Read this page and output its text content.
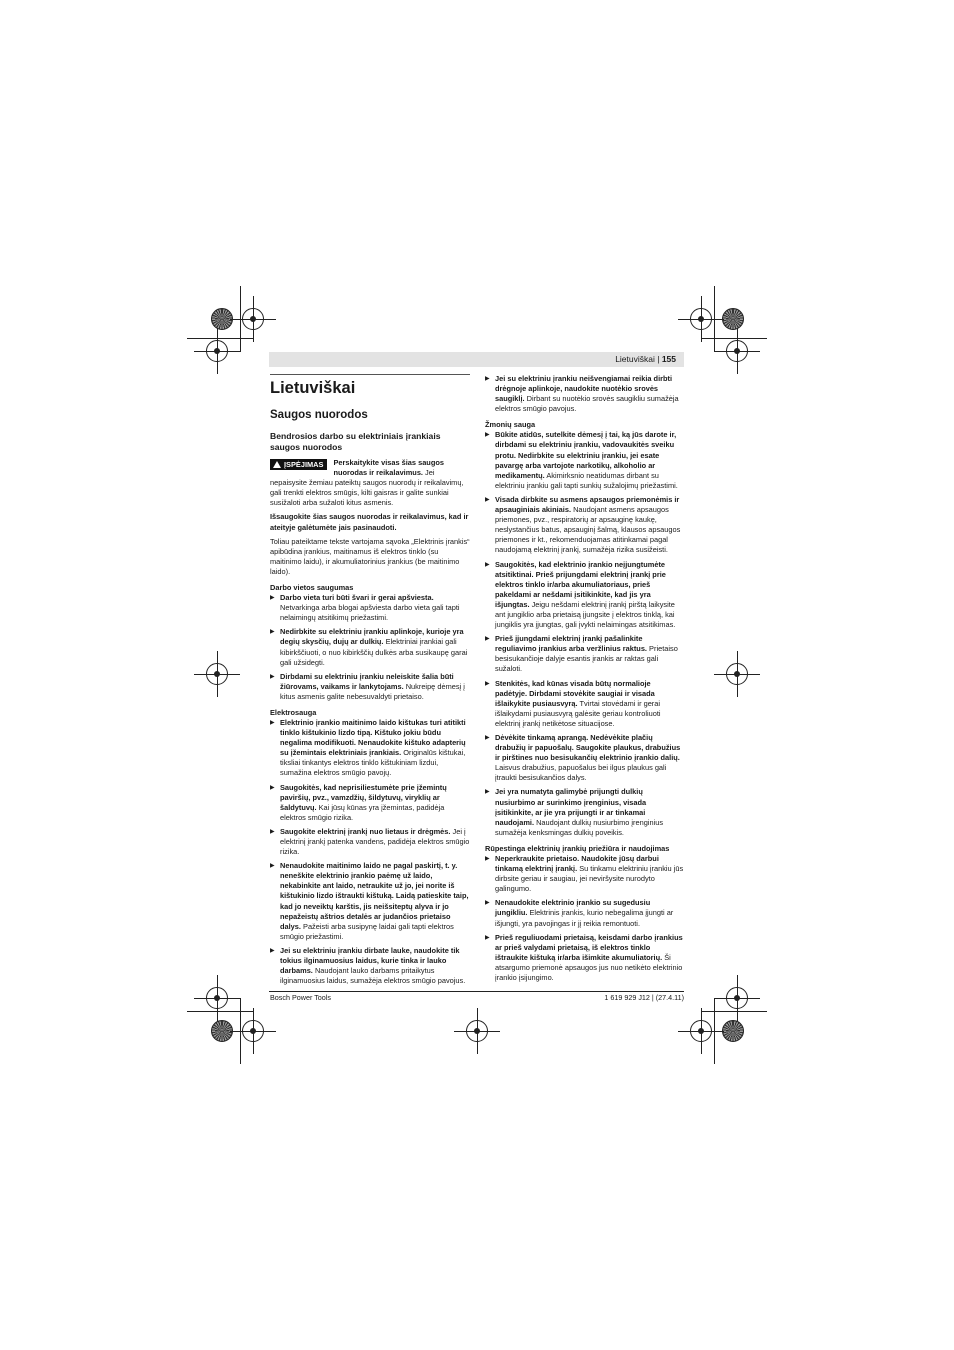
Lietuviškai | 155
Lietuviškai
Saugos nuorodos
Bendrosios darbo su elektriniais įrankiais saugos nuorodos
ĮSPĖJIMAS	Perskaitykite visas šias saugos nuorodas ir reikalavimus. Jei nepaisysite žemiau pateiktų saugos nuorodų ir reikalavimų, gali trenkti elektros smūgis, kilti gaisras ir galite sunkiai susižaloti arba sužaloti kitus asmenis.

Išsaugokite šias saugos nuorodas ir reikalavimus, kad ir ateityje galėtumėte jais pasinaudoti.

Toliau pateiktame tekste vartojama sąvoka „Elektrinis įrankis“ apibūdina įrankius, maitinamus iš elektros tinklo (su maitinimo laidu), ir akumuliatorinius įrankius (be maitinimo laido).

Darbo vietos saugumas
▶ Darbo vieta turi būti švari ir gerai apšviesta. Netvarkinga arba blogai apšviesta darbo vieta gali tapti nelaimingų atsitikimų priežastimi.
▶ Nedirbkite su elektriniu įrankiu aplinkoje, kurioje yra degių skysčių, dujų ar dulkių. Elektriniai įrankiai gali kibirkščiuoti, o nuo kibirkščių dulkės arba susikaupę garai gali užsidegti.
▶ Dirbdami su elektriniu įrankiu neleiskite šalia būti žiūrovams, vaikams ir lankytojams. Nukreipę dėmesį į kitus asmenis galite nebesuvaldyti prietaiso.
Elektrosauga
▶ Elektrinio įrankio maitinimo laido kištukas turi atitikti tinklo kištukinio lizdo tipą. Kištuko jokiu būdu negalima modifikuoti. Nenaudokite kištuko adapterių su įžemintais elektriniais įrankiais. Originalūs kištukai, tiksliai tinkantys elektros tinklo kištukiniam lizdui, sumažina elektros smūgio pavojų.
▶ Saugokitės, kad neprisiliestumėte prie įžemintų paviršių, pvz., vamzdžių, šildytuvų, viryklių ar šaldytuvų. Kai jūsų kūnas yra įžemintas, padidėja elektros smūgio rizika.
▶ Saugokite elektrinį įrankį nuo lietaus ir drėgmės. Jei į elektrinį įrankį patenka vandens, padidėja elektros smūgio rizika.
▶ Nenaudokite maitinimo laido ne pagal paskirtį, t. y. neneškite elektrinio įrankio paėmę už laido, nekabinkite ant laido, netraukite už jo, jei norite iš kištukinio lizdo ištraukti kištuką. Laidą patieskite taip, kad jo neveiktų karštis, jis neišsiteptų alyva ir jo nepažeistų aštrios detalės ar judančios prietaiso dalys. Pažeisti arba susipynę laidai gali tapti elektros smūgio priežastimi.
▶ Jei su elektriniu įrankiu dirbate lauke, naudokite tik tokius ilginamuosius laidus, kurie tinka ir lauko darbams. Naudojant lauko darbams pritaikytus ilginamuosius laidus, sumažėja elektros smūgio pavojus.
▶ Jei su elektriniu įrankiu neišvengiamai reikia dirbti drėgnoje aplinkoje, naudokite nuotėkio srovės saugiklį. Dirbant su nuotėkio srovės saugikliu sumažėja elektros smūgio pavojus.
Žmonių sauga
▶ Būkite atidūs, sutelkite dėmesį į tai, ką jūs darote ir, dirbdami su elektriniu įrankiu, vadovaukitės sveiku protu. Nedirbkite su elektriniu įrankiu, jei esate pavargę arba vartojote narkotikų, alkoholio ar medikamentų. Akimirksnio neatidumas dirbant su elektriniu įrankiu gali tapti sunkių sužalojimų priežastimi.
▶ Visada dirbkite su asmens apsaugos priemonėmis ir apsauginiais akiniais. Naudojant asmens apsaugos priemones, pvz., respiratorių ar apsauginę kaukę, neslystančius batus, apsauginį šalmą, klausos apsaugos priemones ir kt., rekomenduojamas atitinkamai pagal naudojamą elektrinį įrankį, sumažėja rizika susižeisti.
▶ Saugokitės, kad elektrinio įrankio neįjungtumėte atsitiktinai. Prieš prijungdami elektrinį įrankį prie elektros tinklo ir/arba akumuliatoriaus, prieš pakeldami ar nešdami įsitikinkite, kad jis yra išjungtas. Jeigu nešdami elektrinį įrankį pirštą laikysite ant jungiklio arba prietaisą įjungsite į elektros tinklą, kai jungiklis yra įjungtas, gali įvykti nelaimingas atsitikimas.
▶ Prieš įjungdami elektrinį įrankį pašalinkite reguliavimo įrankius arba veržlinius raktus. Prietaiso besisukančioje dalyje esantis įrankis ar raktas gali sužaloti.
▶ Stenkitės, kad kūnas visada būtų normalioje padėtyje. Dirbdami stovėkite saugiai ir visada išlaikykite pusiausvyrą. Tvirtai stovėdami ir gerai išlaikydami pusiausvyrą galėsite geriau kontroliuoti elektrinį įrankį netikėtose situacijose.
▶ Dėvėkite tinkamą aprangą. Nedėvėkite plačių drabužių ir papuošalų. Saugokite plaukus, drabužius ir pirštines nuo besisukančių elektrinio įrankio dalių. Laisvus drabužius, papuošalus bei ilgus plaukus gali įtraukti besisukančios dalys.
▶ Jei yra numatyta galimybė prijungti dulkių nusiurbimo ar surinkimo įrenginius, visada įsitikinkite, ar jie yra prijungti ir ar tinkamai naudojami. Naudojant dulkių nusiurbimo įrenginius sumažėja kenksmingas dulkių poveikis.
Rūpestinga elektrinių įrankių priežiūra ir naudojimas
▶ Neperkraukite prietaiso. Naudokite jūsų darbui tinkamą elektrinį įrankį. Su tinkamu elektriniu įrankiu jūs dirbsite geriau ir saugiau, jei neviršysite nurodyto galingumo.
▶ Nenaudokite elektrinio įrankio su sugedusiu jungikliu. Elektrinis įrankis, kurio nebegalima įjungti ar išjungti, yra pavojingas ir jį reikia remontuoti.
▶ Prieš reguliuodami prietaisą, keisdami darbo įrankius ar prieš valydami prietaisą, iš elektros tinklo ištraukite kištuką ir/arba išimkite akumuliatorių. Ši atsargumo priemonė apsaugos jus nuo netikėto elektrinio įrankio įsijungimo.
Bosch Power Tools	1 619 929 J12 | (27.4.11)
